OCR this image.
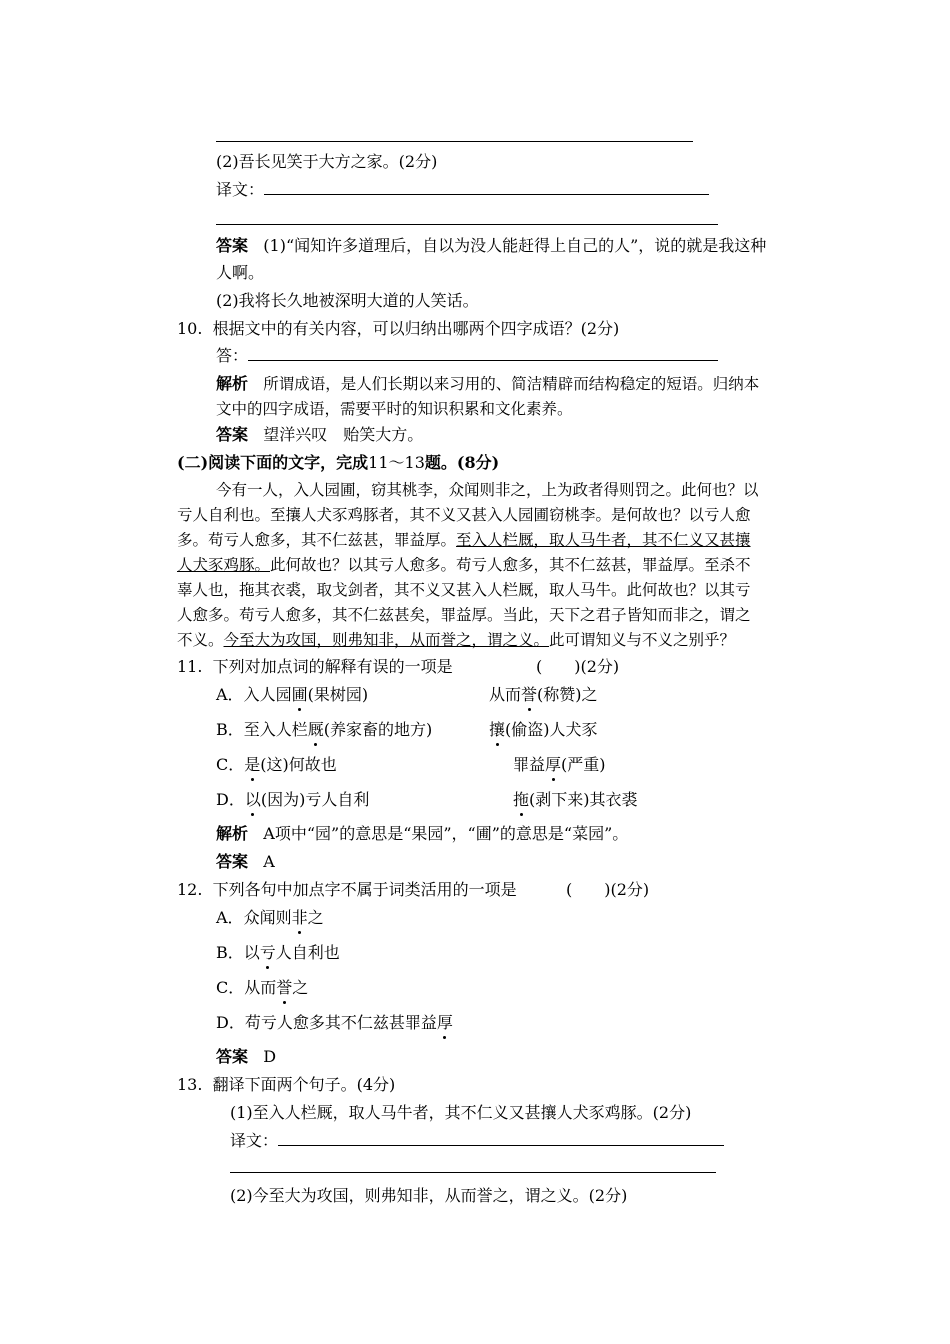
(2)吾长见笑于大方之家。(2分)
译文：
答案 (1)“闻知许多道理后，自以为没人能赶得上自己的人”，说的就是我这种
人啊。
(2)我将长久地被深明大道的人笑话。
10. 根据文中的有关内容，可以归纳出哪两个四字成语？(2分)
答：
解析 所谓成语，是人们长期以来习用的、简洁精辟而结构稳定的短语。归纳本
文中的四字成语，需要平时的知识积累和文化素养。
答案 望洋兴叹　贻笑大方。
(二)阅读下面的文字，完成11～13题。(8分)
今有一人，入人园圃，窃其桃李，众闻则非之，上为政者得则罚之。此何也？以
亏人自利也。至攘人犬豕鸡豚者，其不义又甚入人园圃窃桃李。是何故也？以亏人愈
多。苟亏人愈多，其不仁兹甚，罪益厚。至入人栏厩，取人马牛者，其不仁义又甚攘
人犬豕鸡豚。此何故也？以其亏人愈多。苟亏人愈多，其不仁兹甚，罪益厚。至杀不
辜人也，拖其衣裘，取戈剑者，其不义又甚入人栏厩，取人马牛。此何故也？以其亏
人愈多。苟亏人愈多，其不仁兹甚矣，罪益厚。当此，天下之君子皆知而非之，谓之
不义。今至大为攻国，则弗知非，从而誉之，谓之义。此可谓知义与不义之别乎？
11. 下列对加点词的解释有误的一项是	(　　)(2分)
A．入人园圃(果树园)	从而誉(称赞)之
B．至入人栏厩(养家畜的地方)	攘(偷盗)人犬豕
C．是(这)何故也	罪益厚(严重)
D．以(因为)亏人自利	拖(剥下来)其衣裘
解析 A项中“园”的意思是“果园”，“圃”的意思是“菜园”。
答案 A
12. 下列各句中加点字不属于词类活用的一项是	(　　)(2分)
A．众闻则非之
B．以亏人自利也
C．从而誉之
D．苟亏人愈多其不仁兹甚罪益厚
答案 D
13. 翻译下面两个句子。(4分)
(1)至入人栏厩，取人马牛者，其不仁义又甚攘人犬豕鸡豚。(2分)
译文：
(2)今至大为攻国，则弗知非，从而誉之，谓之义。(2分)
